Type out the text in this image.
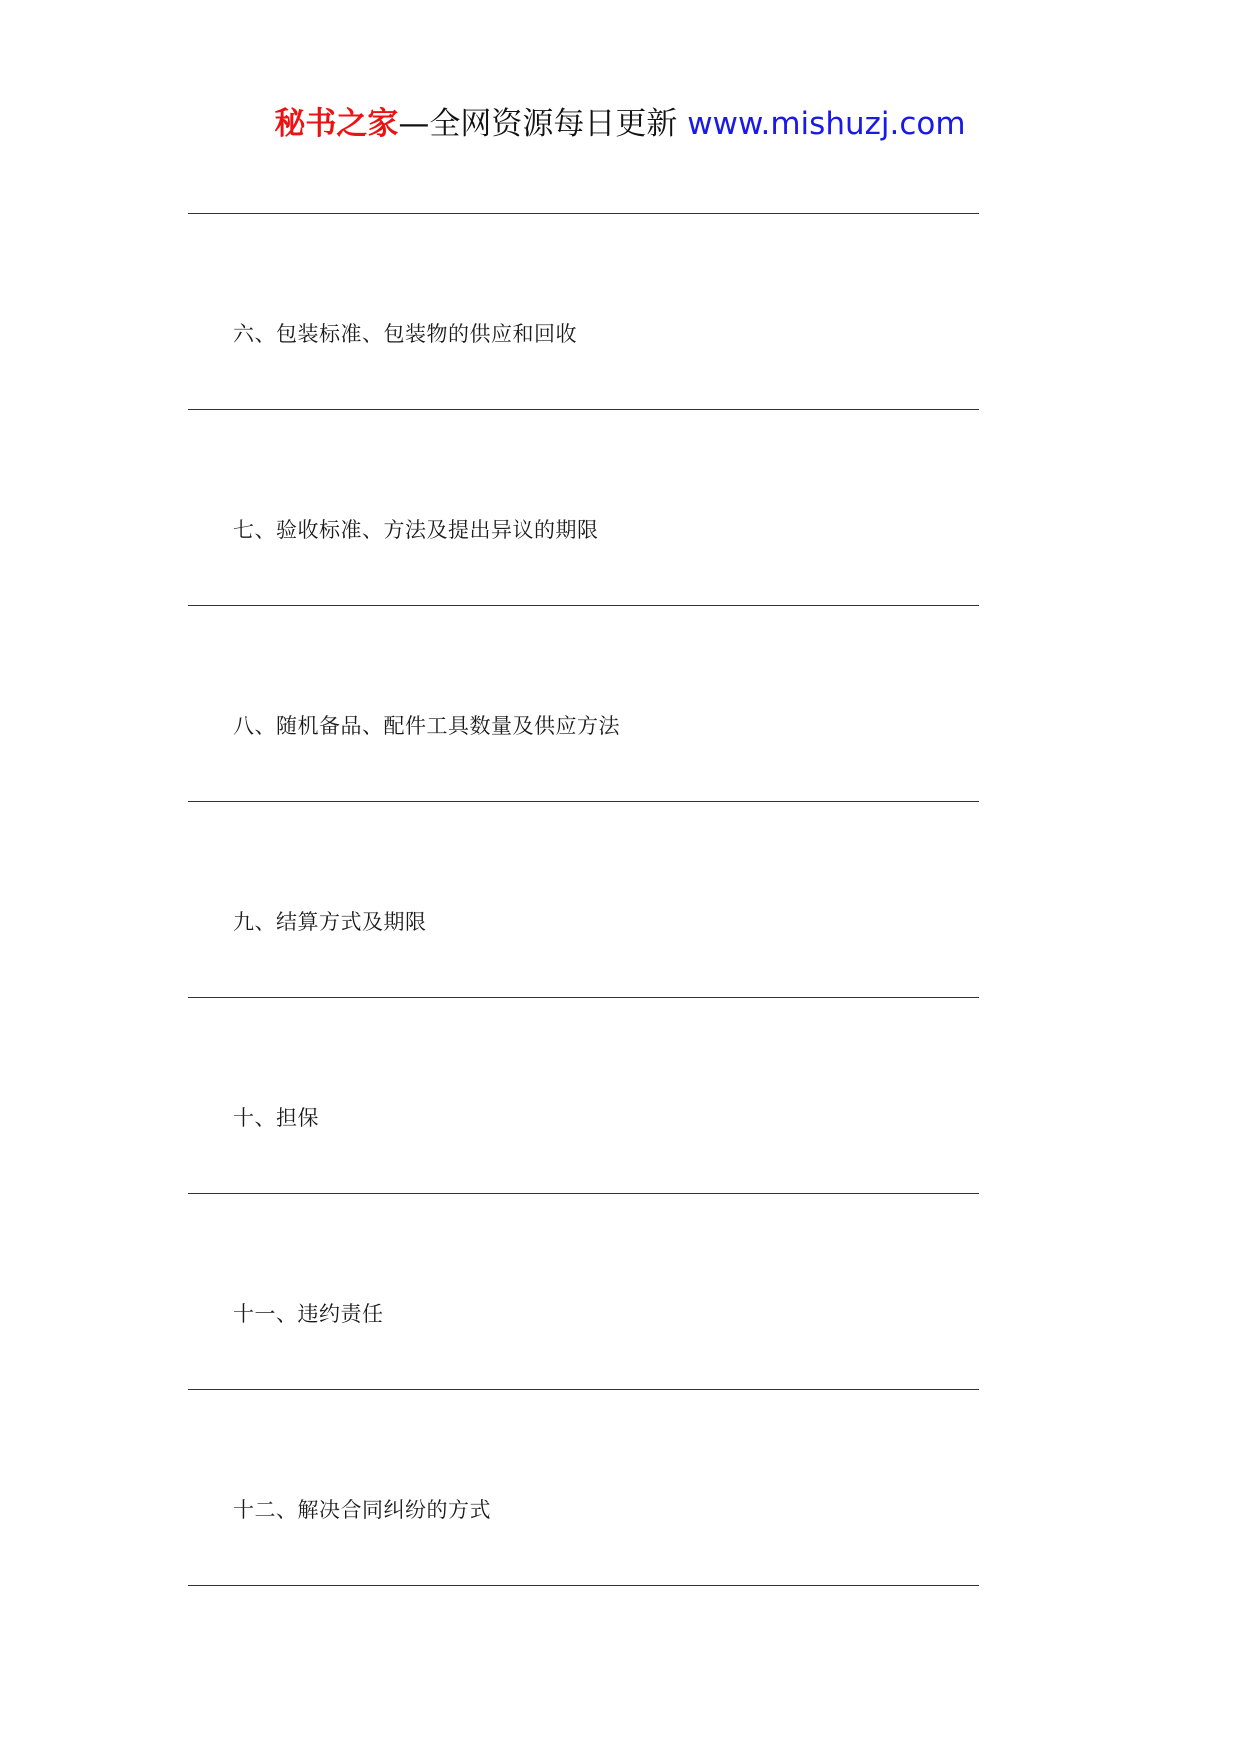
秘书之家—全网资源每日更新 www.mishuzj.com
六、包装标准、包装物的供应和回收
七、验收标准、方法及提出异议的期限
八、随机备品、配件工具数量及供应方法
九、结算方式及期限
十、担保
十一、违约责任
十二、解决合同纠纷的方式
